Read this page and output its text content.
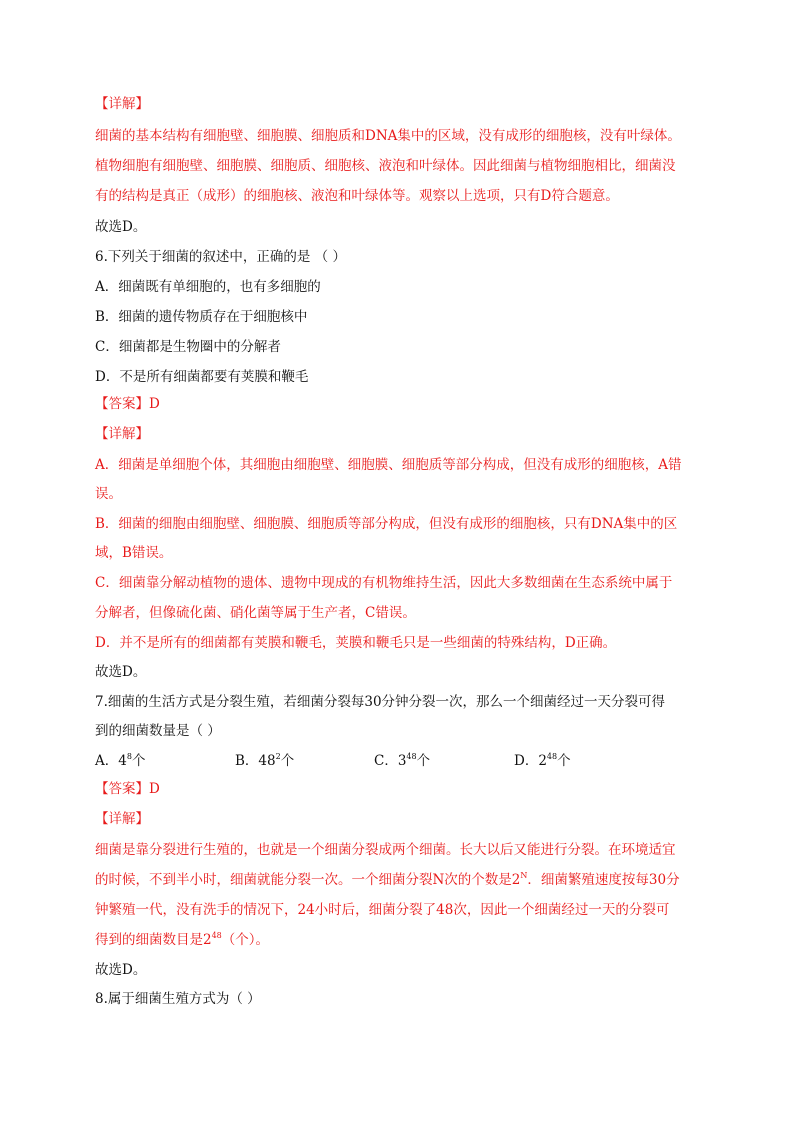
【详解】
细菌的基本结构有细胞壁、细胞膜、细胞质和DNA集中的区域，没有成形的细胞核，没有叶绿体。
植物细胞有细胞壁、细胞膜、细胞质、细胞核、液泡和叶绿体。因此细菌与植物细胞相比，细菌没
有的结构是真正（成形）的细胞核、液泡和叶绿体等。观察以上选项，只有D符合题意。
故选D。
6.下列关于细菌的叙述中，正确的是 （ ）
A．细菌既有单细胞的，也有多细胞的
B．细菌的遗传物质存在于细胞核中
C．细菌都是生物圈中的分解者
D．不是所有细菌都要有荚膜和鞭毛
【答案】D
【详解】
A．细菌是单细胞个体，其细胞由细胞壁、细胞膜、细胞质等部分构成，但没有成形的细胞核，A错
误。
B．细菌的细胞由细胞壁、细胞膜、细胞质等部分构成，但没有成形的细胞核，只有DNA集中的区
域，B错误。
C．细菌靠分解动植物的遗体、遗物中现成的有机物维持生活，因此大多数细菌在生态系统中属于
分解者，但像硫化菌、硝化菌等属于生产者，C错误。
D．并不是所有的细菌都有荚膜和鞭毛，荚膜和鞭毛只是一些细菌的特殊结构，D正确。
故选D。
7.细菌的生活方式是分裂生殖，若细菌分裂每30分钟分裂一次，那么一个细菌经过一天分裂可得
到的细菌数量是（ ）
A．$4^8$个	B．$48^2$个	C．$3^{48}$个	D．$2^{48}$个
【答案】D
【详解】
细菌是靠分裂进行生殖的，也就是一个细菌分裂成两个细菌。长大以后又能进行分裂。在环境适宜
的时候，不到半小时，细菌就能分裂一次。一个细菌分裂N次的个数是$2^N$．细菌繁殖速度按每30分
钟繁殖一代，没有洗手的情况下，24小时后，细菌分裂了48次，因此一个细菌经过一天的分裂可
得到的细菌数目是$2^{48}$（个）。
故选D。
8.属于细菌生殖方式为（ ）
